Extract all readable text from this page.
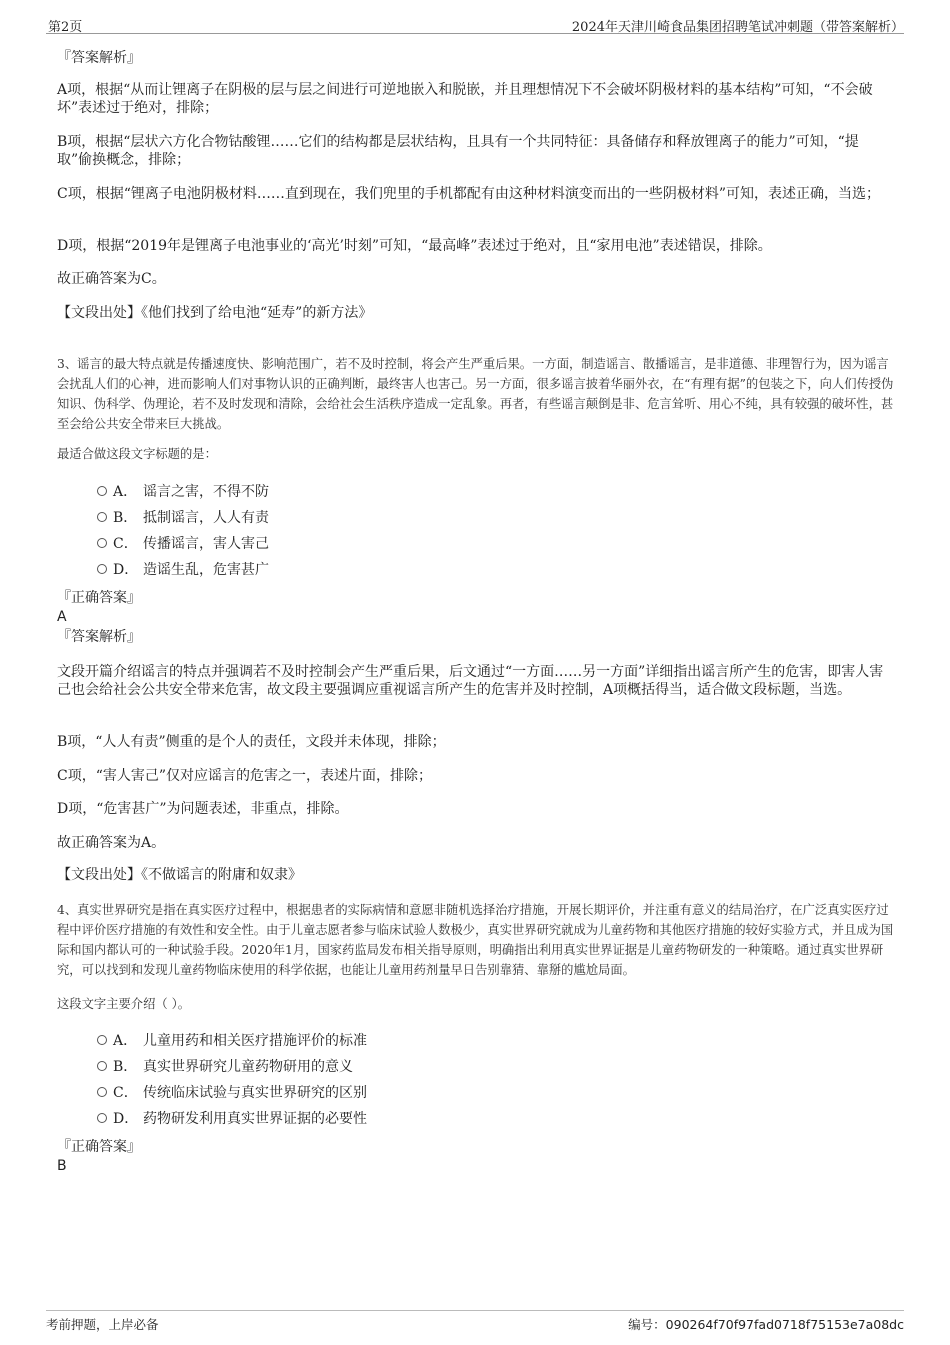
第2页	2024年天津川崎食品集团招聘笔试冲刺题（带答案解析）
『答案解析』
A项，根据“从而让锂离子在阴极的层与层之间进行可逆地嵌入和脱嵌，并且理想情况下不会破坏阴极材料的基本结构”可知，“不会破坏”表述过于绝对，排除；
B项，根据“层状六方化合物钴酸锂……它们的结构都是层状结构，且具有一个共同特征：具备储存和释放锂离子的能力”可知，“提取”偷换概念，排除；
C项，根据“锂离子电池阴极材料……直到现在，我们兜里的手机都配有由这种材料演变而出的一些阴极材料”可知，表述正确，当选；
D项，根据“2019年是锂离子电池事业的‘高光’时刻”可知，“最高峰”表述过于绝对，且“家用电池”表述错误，排除。
故正确答案为C。
【文段出处】《他们找到了给电池“延寿”的新方法》
3、谣言的最大特点就是传播速度快、影响范围广，若不及时控制，将会产生严重后果。一方面，制造谣言、散播谣言，是非道德、非理智行为，因为谣言会扰乱人们的心神，进而影响人们对事物认识的正确判断，最终害人也害己。另一方面，很多谣言披着华丽外衣，在“有理有据”的包装之下，向人们传授伪知识、伪科学、伪理论，若不及时发现和清除，会给社会生活秩序造成一定乱象。再者，有些谣言颠倒是非、危言耸听、用心不纯，具有较强的破坏性，甚至会给公共安全带来巨大挑战。
最适合做这段文字标题的是：
A． 谣言之害，不得不防
B． 抵制谣言，人人有责
C． 传播谣言，害人害己
D． 造谣生乱，危害甚广
『正确答案』
A
『答案解析』
文段开篇介绍谣言的特点并强调若不及时控制会产生严重后果，后文通过“一方面……另一方面”详细指出谣言所产生的危害，即害人害己也会给社会公共安全带来危害，故文段主要强调应重视谣言所产生的危害并及时控制，A项概括得当，适合做文段标题，当选。
B项，“人人有责”侧重的是个人的责任，文段并未体现，排除；
C项，“害人害己”仅对应谣言的危害之一，表述片面，排除；
D项，“危害甚广”为问题表述，非重点，排除。
故正确答案为A。
【文段出处】《不做谣言的附庸和奴隶》
4、真实世界研究是指在真实医疗过程中，根据患者的实际病情和意愿非随机选择治疗措施，开展长期评价，并注重有意义的结局治疗，在广泛真实医疗过程中评价医疗措施的有效性和安全性。由于儿童志愿者参与临床试验人数极少，真实世界研究就成为儿童药物和其他医疗措施的较好实验方式，并且成为国际和国内都认可的一种试验手段。2020年1月，国家药监局发布相关指导原则，明确指出利用真实世界证据是儿童药物研发的一种策略。通过真实世界研究，可以找到和发现儿童药物临床使用的科学依据，也能让儿童用药剂量早日告别靠猜、靠掰的尴尬局面。
这段文字主要介绍（ ）。
A． 儿童用药和相关医疗措施评价的标准
B． 真实世界研究儿童药物研用的意义
C． 传统临床试验与真实世界研究的区别
D． 药物研发利用真实世界证据的必要性
『正确答案』
B
考前押题，上岸必备	编号：090264f70f97fad0718f75153e7a08dc
